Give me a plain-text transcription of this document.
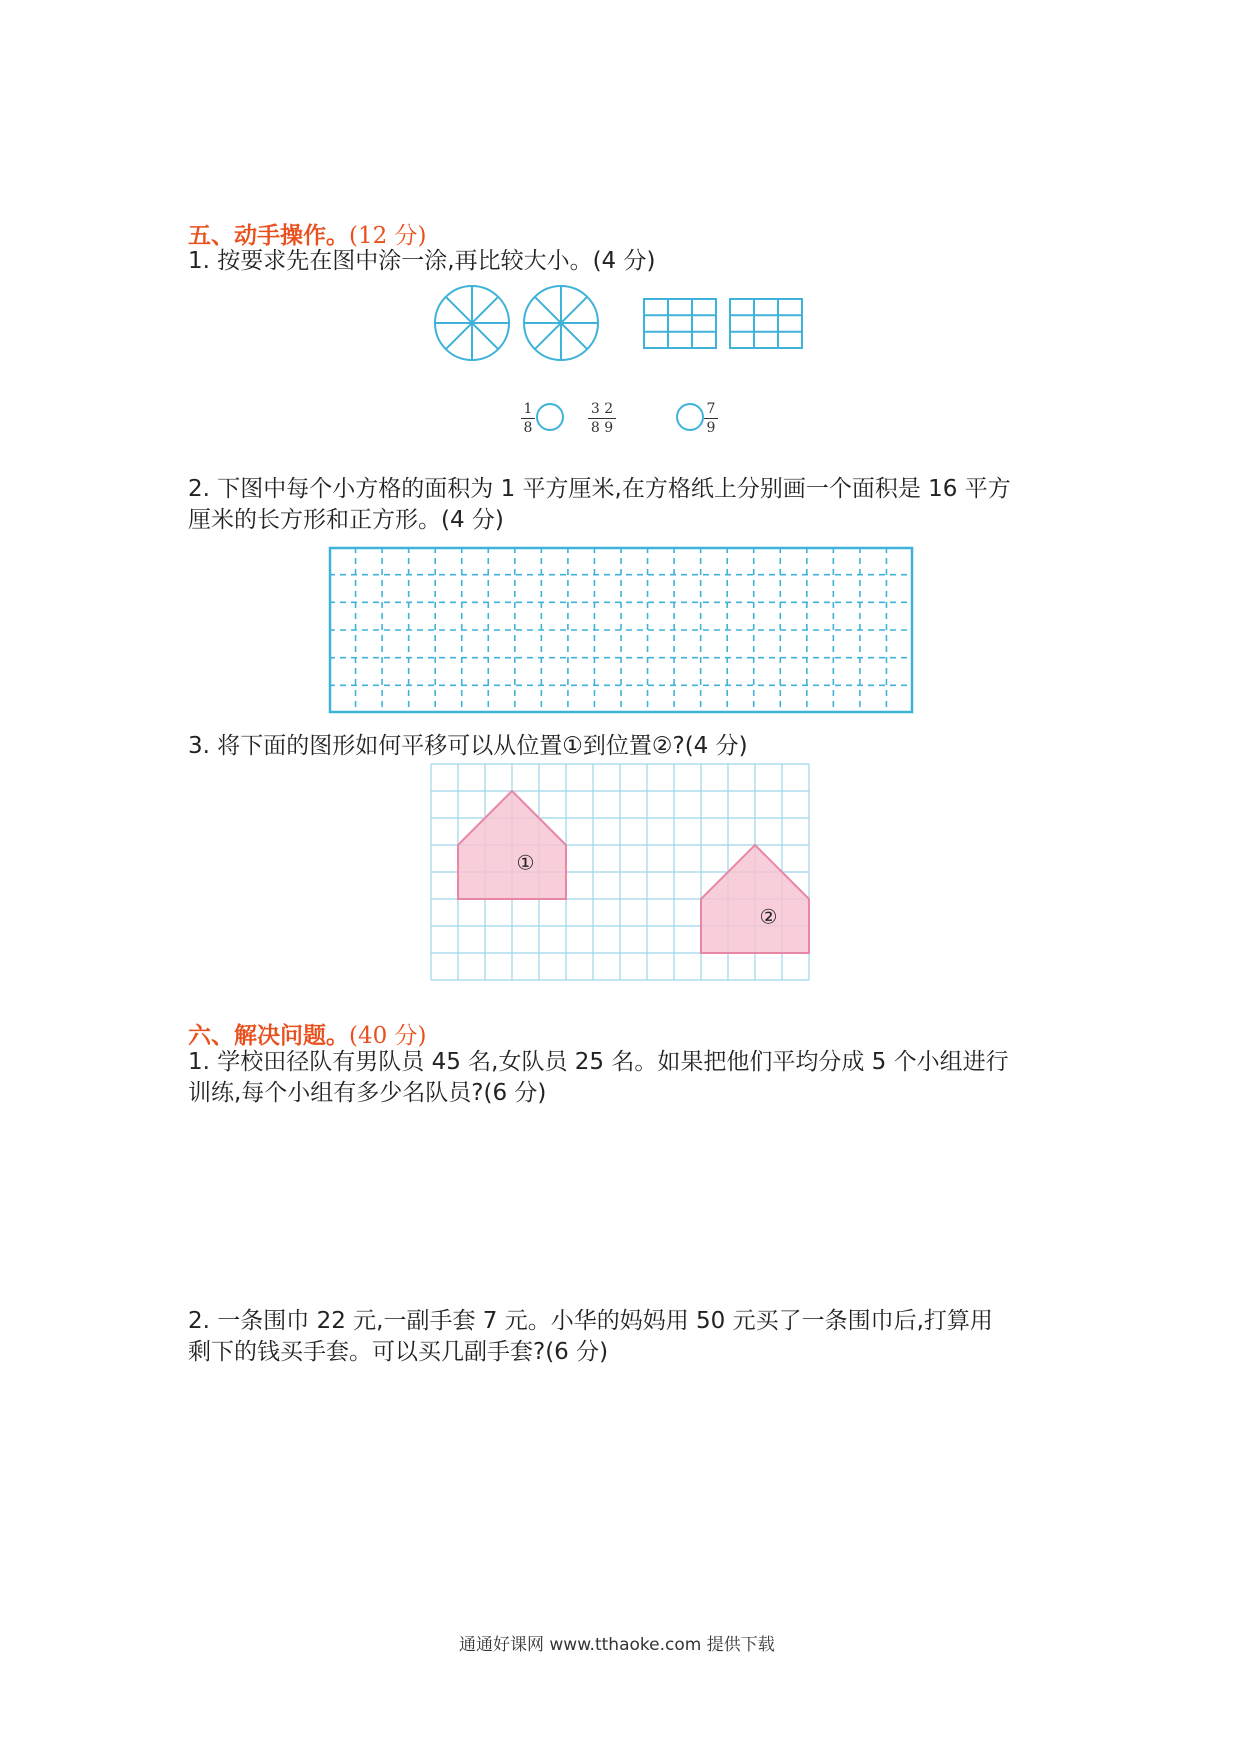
五、动手操作。(12 分)
1. 按要求先在图中涂一涂,再比较大小。(4 分)
1
8
3 2
8 9
7
9
2. 下图中每个小方格的面积为 1 平方厘米,在方格纸上分别画一个面积是 16 平方
厘米的长方形和正方形。(4 分)
3. 将下面的图形如何平移可以从位置①到位置②?(4 分)
①
②
六、解决问题。(40 分)
1. 学校田径队有男队员 45 名,女队员 25 名。如果把他们平均分成 5 个小组进行
训练,每个小组有多少名队员?(6 分)
2. 一条围巾 22 元,一副手套 7 元。小华的妈妈用 50 元买了一条围巾后,打算用
剩下的钱买手套。可以买几副手套?(6 分)
通通好课网 www.tthaoke.com 提供下载
